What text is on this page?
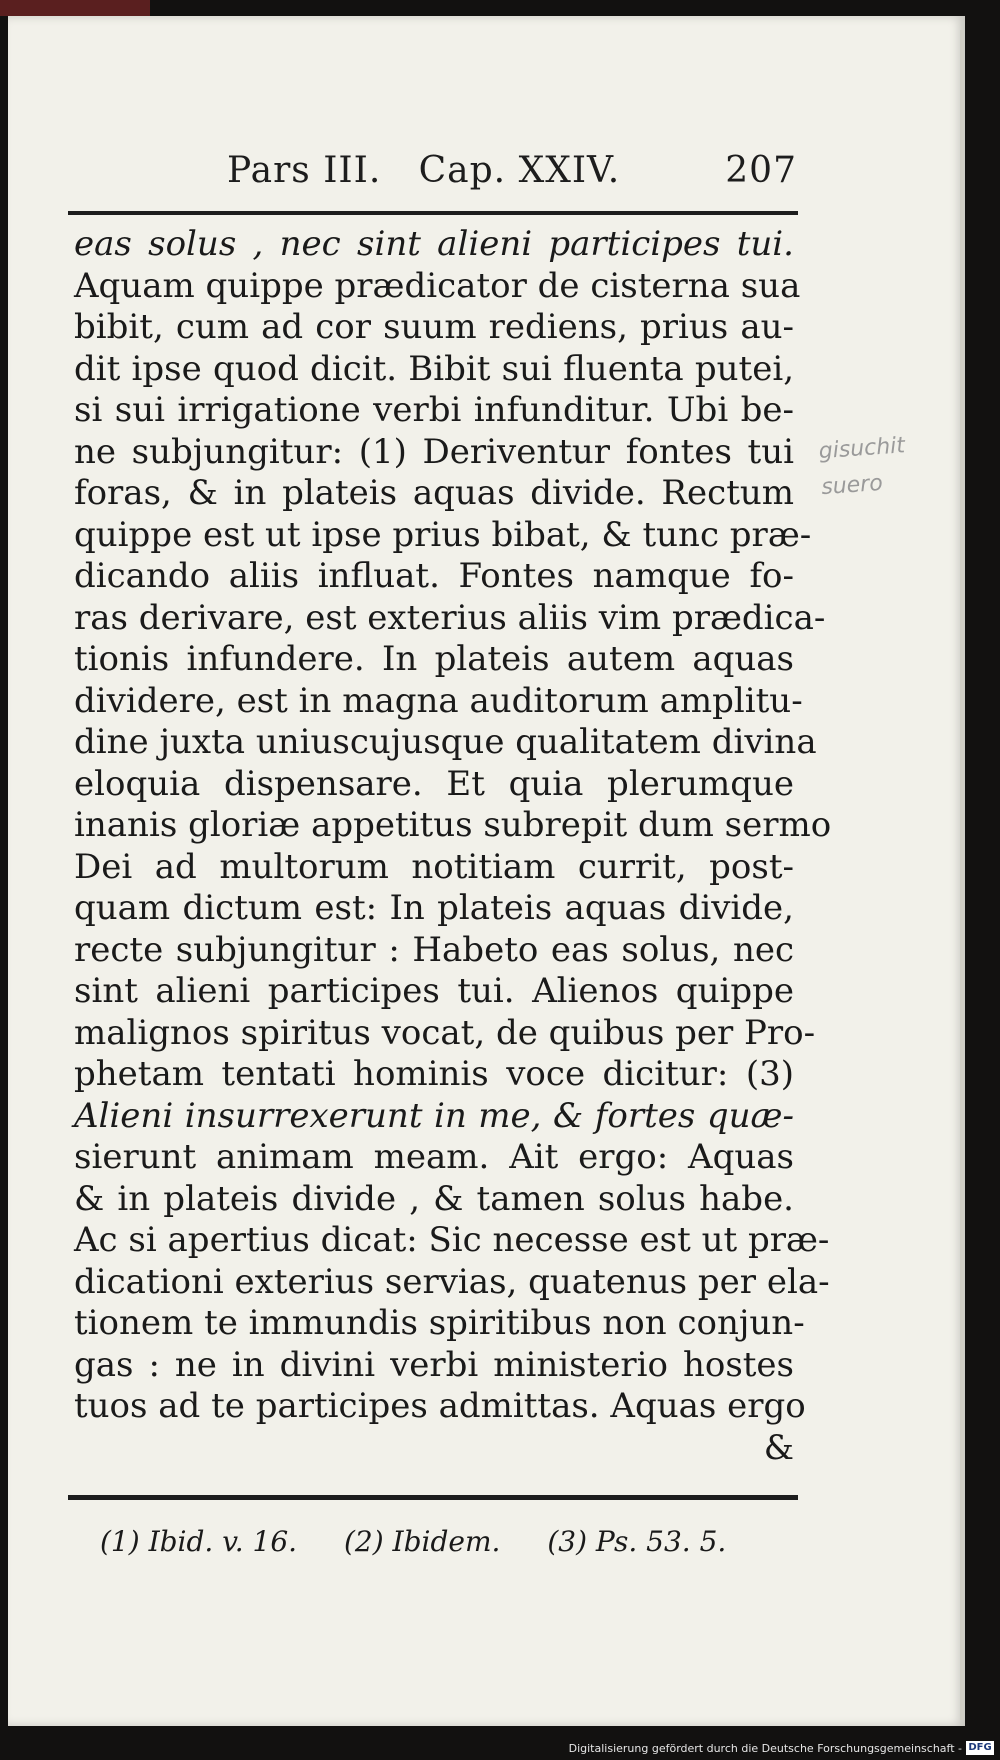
Pars III.   Cap. XXIV.	207
eas solus , nec sint alieni participes tui.
Aquam quippe prædicator de cisterna sua
bibit, cum ad cor suum rediens, prius au-
dit ipse quod dicit. Bibit sui fluenta putei,
si sui irrigatione verbi infunditur. Ubi be-
ne subjungitur: (1) Deriventur fontes tui
foras, & in plateis aquas divide. Rectum
quippe est ut ipse prius bibat, & tunc præ-
dicando aliis influat. Fontes namque fo-
ras derivare, est exterius aliis vim prædica-
tionis infundere. In plateis autem aquas
dividere, est in magna auditorum amplitu-
dine juxta uniuscujusque qualitatem divina
eloquia dispensare. Et quia plerumque
inanis gloriæ appetitus subrepit dum sermo
Dei ad multorum notitiam currit, post-
quam dictum est: In plateis aquas divide,
recte subjungitur : Habeto eas solus, nec
sint alieni participes tui. Alienos quippe
malignos spiritus vocat, de quibus per Pro-
phetam tentati hominis voce dicitur: (3)
Alieni insurrexerunt in me, & fortes quæ-
sierunt animam meam. Ait ergo: Aquas
& in plateis divide , & tamen solus habe.
Ac si apertius dicat: Sic necesse est ut præ-
dicationi exterius servias, quatenus per ela-
tionem te immundis spiritibus non conjun-
gas : ne in divini verbi ministerio hostes
tuos ad te participes admittas. Aquas ergo
&
gisuchit
suero
(1) Ibid. v. 16. (2) Ibidem. (3) Ps. 53. 5.
Digitalisierung gefördert durch die Deutsche Forschungsgemeinschaft - DFG
